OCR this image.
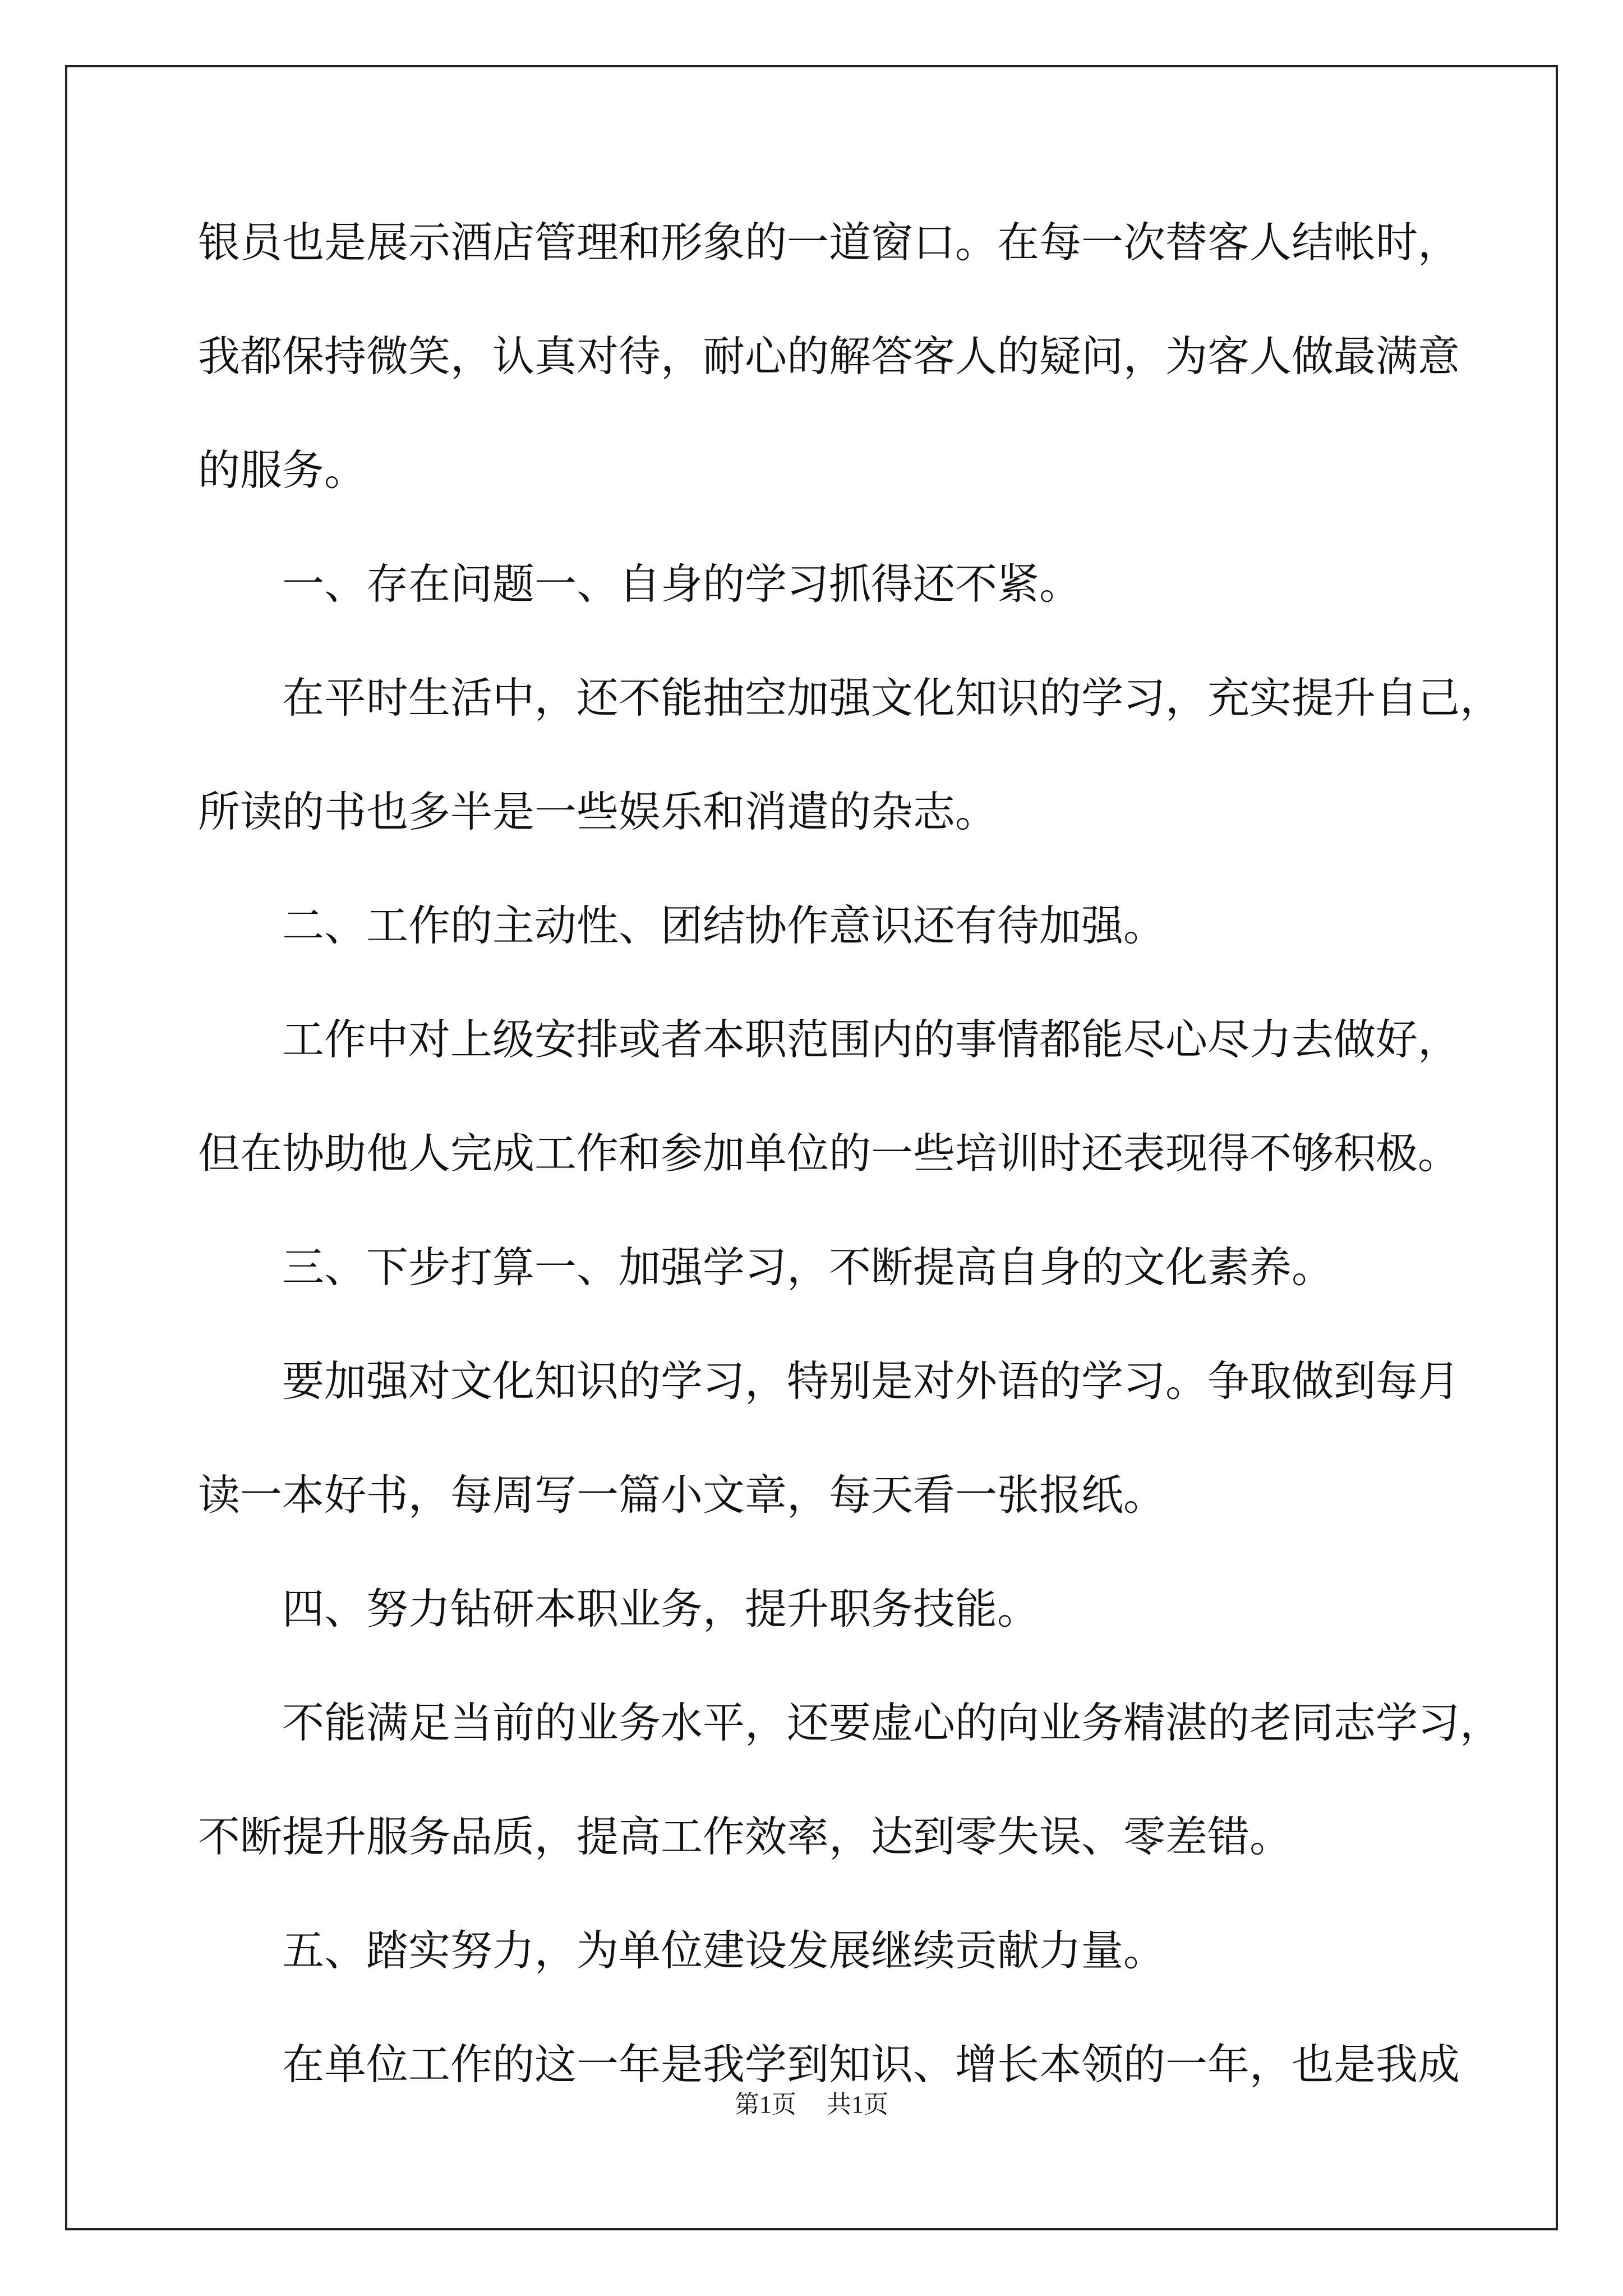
银员也是展示酒店管理和形象的一道窗口。在每一次替客人结帐时，
我都保持微笑，认真对待，耐心的解答客人的疑问，为客人做最满意
的服务。
一、存在问题一、自身的学习抓得还不紧。
在平时生活中，还不能抽空加强文化知识的学习，充实提升自己，
所读的书也多半是一些娱乐和消遣的杂志。
二、工作的主动性、团结协作意识还有待加强。
工作中对上级安排或者本职范围内的事情都能尽心尽力去做好，
但在协助他人完成工作和参加单位的一些培训时还表现得不够积极。
三、下步打算一、加强学习，不断提高自身的文化素养。
要加强对文化知识的学习，特别是对外语的学习。争取做到每月
读一本好书，每周写一篇小文章，每天看一张报纸。
四、努力钻研本职业务，提升职务技能。
不能满足当前的业务水平，还要虚心的向业务精湛的老同志学习，
不断提升服务品质，提高工作效率，达到零失误、零差错。
五、踏实努力，为单位建设发展继续贡献力量。
在单位工作的这一年是我学到知识、增长本领的一年，也是我成
第1页 共1页
